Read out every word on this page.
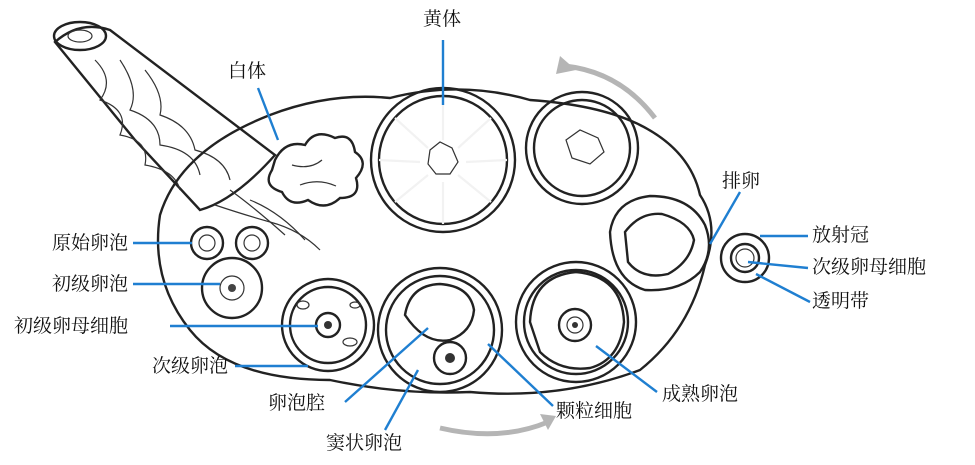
黄体
白体
排卵
放射冠
次级卵母细胞
透明带
原始卵泡
初级卵泡
初级卵母细胞
次级卵泡
卵泡腔
窦状卵泡
颗粒细胞
成熟卵泡
